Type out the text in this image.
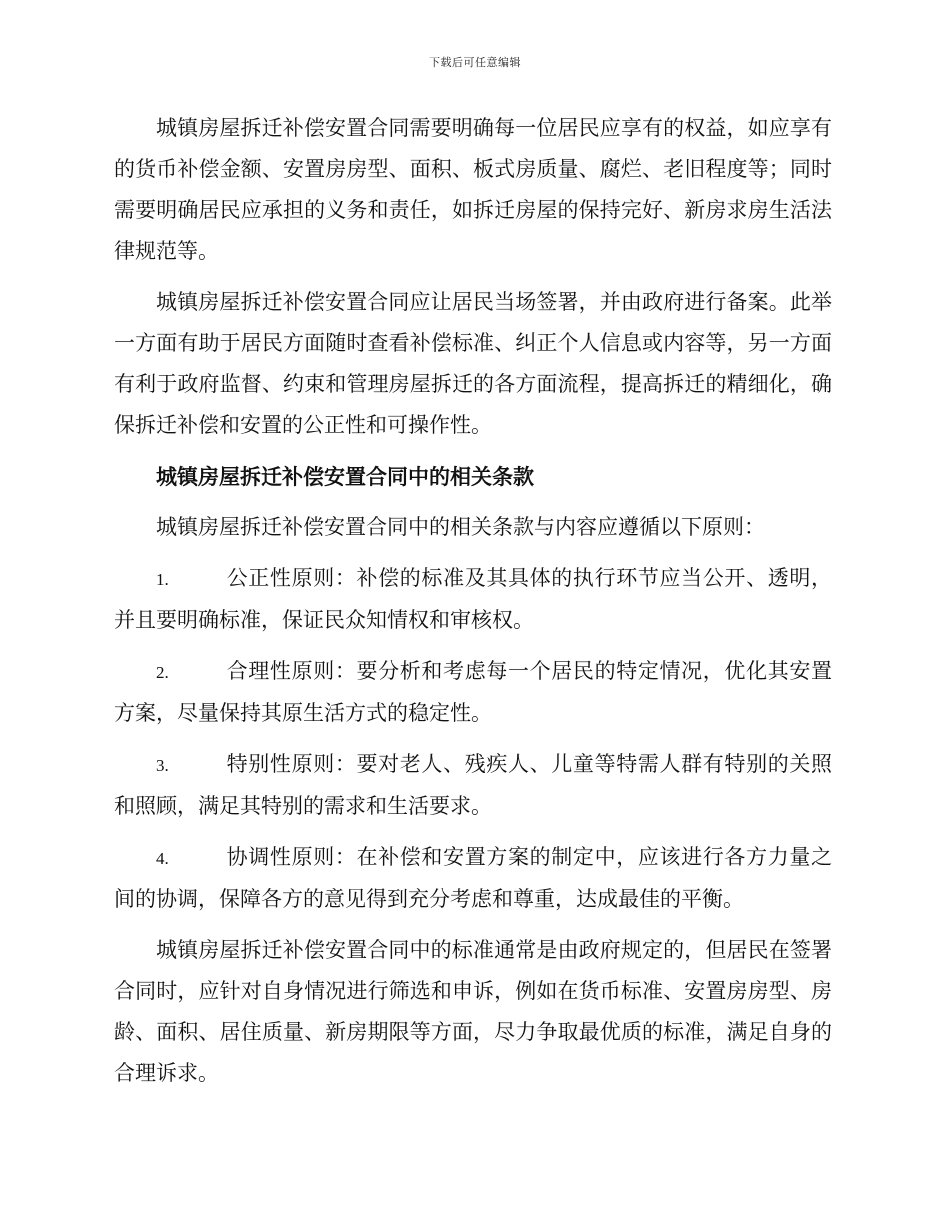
下载后可任意编辑

城镇房屋拆迁补偿安置合同需要明确每一位居民应享有的权益，如应享有的货币补偿金额、安置房房型、面积、板式房质量、腐烂、老旧程度等；同时需要明确居民应承担的义务和责任，如拆迁房屋的保持完好、新房求房生活法律规范等。

城镇房屋拆迁补偿安置合同应让居民当场签署，并由政府进行备案。此举一方面有助于居民方面随时查看补偿标准、纠正个人信息或内容等，另一方面有利于政府监督、约束和管理房屋拆迁的各方面流程，提高拆迁的精细化，确保拆迁补偿和安置的公正性和可操作性。

城镇房屋拆迁补偿安置合同中的相关条款

城镇房屋拆迁补偿安置合同中的相关条款与内容应遵循以下原则：

1.	公正性原则：补偿的标准及其具体的执行环节应当公开、透明，并且要明确标准，保证民众知情权和审核权。

2.	合理性原则：要分析和考虑每一个居民的特定情况，优化其安置方案，尽量保持其原生活方式的稳定性。

3.	特别性原则：要对老人、残疾人、儿童等特需人群有特别的关照和照顾，满足其特别的需求和生活要求。

4.	协调性原则：在补偿和安置方案的制定中，应该进行各方力量之间的协调，保障各方的意见得到充分考虑和尊重，达成最佳的平衡。

城镇房屋拆迁补偿安置合同中的标准通常是由政府规定的，但居民在签署合同时，应针对自身情况进行筛选和申诉，例如在货币标准、安置房房型、房龄、面积、居住质量、新房期限等方面，尽力争取最优质的标准，满足自身的合理诉求。
